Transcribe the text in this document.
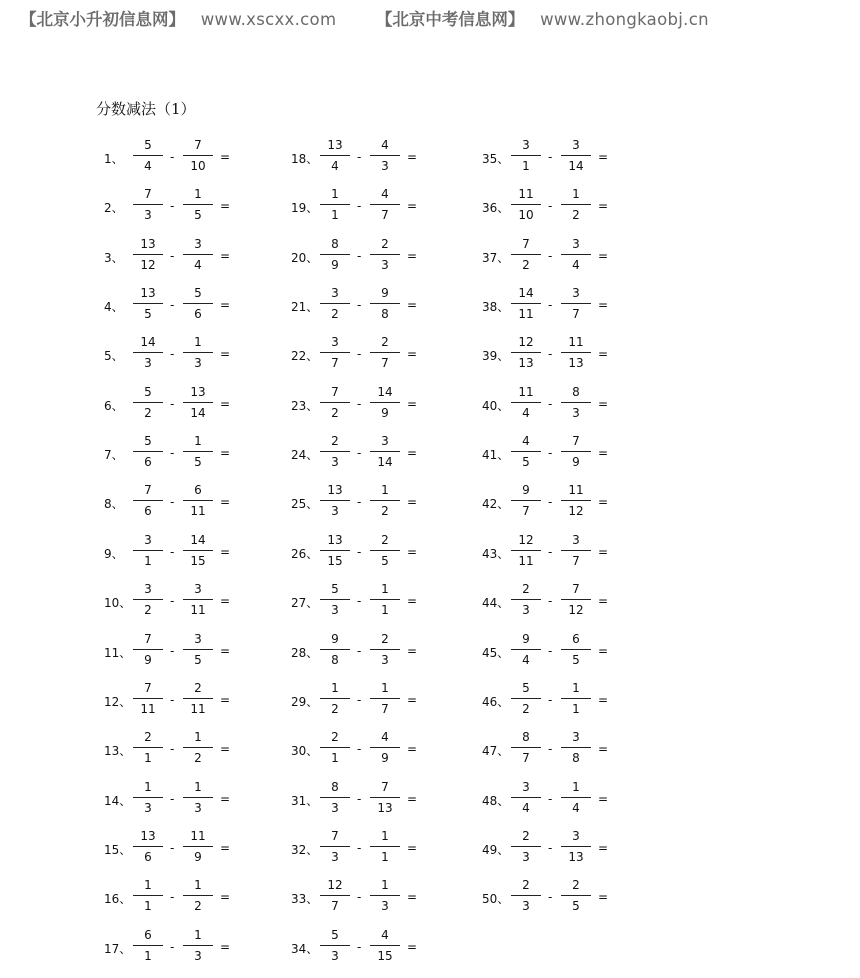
【北京小升初信息网】 www.xscxx.com 【北京中考信息网】 www.zhongkaobj.cn
分数减法（1）
1、
5
4
-
7
10
=
2、
7
3
-
1
5
=
3、
13
12
-
3
4
=
4、
13
5
-
5
6
=
5、
14
3
-
1
3
=
6、
5
2
-
13
14
=
7、
5
6
-
1
5
=
8、
7
6
-
6
11
=
9、
3
1
-
14
15
=
10、
3
2
-
3
11
=
11、
7
9
-
3
5
=
12、
7
11
-
2
11
=
13、
2
1
-
1
2
=
14、
1
3
-
1
3
=
15、
13
6
-
11
9
=
16、
1
1
-
1
2
=
17、
6
1
-
1
3
=
18、
13
4
-
4
3
=
19、
1
1
-
4
7
=
20、
8
9
-
2
3
=
21、
3
2
-
9
8
=
22、
3
7
-
2
7
=
23、
7
2
-
14
9
=
24、
2
3
-
3
14
=
25、
13
3
-
1
2
=
26、
13
15
-
2
5
=
27、
5
3
-
1
1
=
28、
9
8
-
2
3
=
29、
1
2
-
1
7
=
30、
2
1
-
4
9
=
31、
8
3
-
7
13
=
32、
7
3
-
1
1
=
33、
12
7
-
1
3
=
34、
5
3
-
4
15
=
35、
3
1
-
3
14
=
36、
11
10
-
1
2
=
37、
7
2
-
3
4
=
38、
14
11
-
3
7
=
39、
12
13
-
11
13
=
40、
11
4
-
8
3
=
41、
4
5
-
7
9
=
42、
9
7
-
11
12
=
43、
12
11
-
3
7
=
44、
2
3
-
7
12
=
45、
9
4
-
6
5
=
46、
5
2
-
1
1
=
47、
8
7
-
3
8
=
48、
3
4
-
1
4
=
49、
2
3
-
3
13
=
50、
2
3
-
2
5
=
